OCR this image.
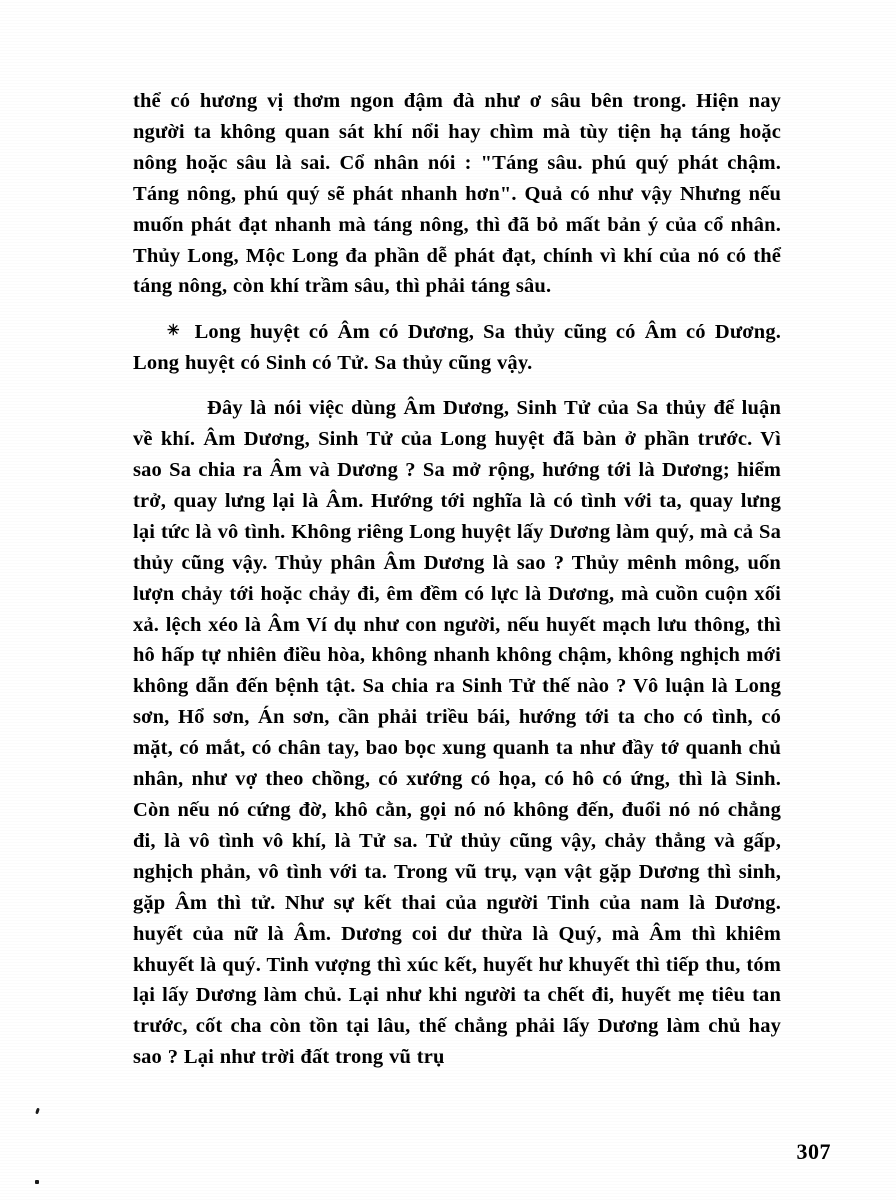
thể có hương vị thơm ngon đậm đà như ơ sâu bên trong. Hiện nay người ta không quan sát khí nổi hay chìm mà tùy tiện hạ táng hoặc nông hoặc sâu là sai. Cổ nhân nói : "Táng sâu. phú quý phát chậm. Táng nông, phú quý sẽ phát nhanh hơn". Quả có như vậy Nhưng nếu muốn phát đạt nhanh mà táng nông, thì đã bỏ mất bản ý của cổ nhân. Thủy Long, Mộc Long đa phần dễ phát đạt, chính vì khí của nó có thể táng nông, còn khí trầm sâu, thì phải táng sâu.

✳ Long huyệt có Âm có Dương, Sa thủy cũng có Âm có Dương. Long huyệt có Sinh có Tử. Sa thủy cũng vậy.

Đây là nói việc dùng Âm Dương, Sinh Tử của Sa thủy để luận về khí. Âm Dương, Sinh Tử của Long huyệt đã bàn ở phần trước. Vì sao Sa chia ra Âm và Dương ? Sa mở rộng, hướng tới là Dương; hiểm trở, quay lưng lại là Âm. Hướng tới nghĩa là có tình với ta, quay lưng lại tức là vô tình. Không riêng Long huyệt lấy Dương làm quý, mà cả Sa thủy cũng vậy. Thủy phân Âm Dương là sao ? Thủy mênh mông, uốn lượn chảy tới hoặc chảy đi, êm đềm có lực là Dương, mà cuồn cuộn xối xả. lệch xéo là Âm Ví dụ như con người, nếu huyết mạch lưu thông, thì hô hấp tự nhiên điều hòa, không nhanh không chậm, không nghịch mới không dẫn đến bệnh tật. Sa chia ra Sinh Tử thế nào ? Vô luận là Long sơn, Hổ sơn, Án sơn, cần phải triều bái, hướng tới ta cho có tình, có mặt, có mắt, có chân tay, bao bọc xung quanh ta như đầy tớ quanh chủ nhân, như vợ theo chồng, có xướng có họa, có hô có ứng, thì là Sinh. Còn nếu nó cứng đờ, khô cằn, gọi nó nó không đến, đuổi nó nó chẳng đi, là vô tình vô khí, là Tử sa. Tử thủy cũng vậy, chảy thẳng và gấp, nghịch phản, vô tình với ta. Trong vũ trụ, vạn vật gặp Dương thì sinh, gặp Âm thì tử. Như sự kết thai của người Tinh của nam là Dương. huyết của nữ là Âm. Dương coi dư thừa là Quý, mà Âm thì khiêm khuyết là quý. Tinh vượng thì xúc kết, huyết hư khuyết thì tiếp thu, tóm lại lấy Dương làm chủ. Lại như khi người ta chết đi, huyết mẹ tiêu tan trước, cốt cha còn tồn tại lâu, thế chẳng phải lấy Dương làm chủ hay sao ? Lại như trời đất trong vũ trụ

307
